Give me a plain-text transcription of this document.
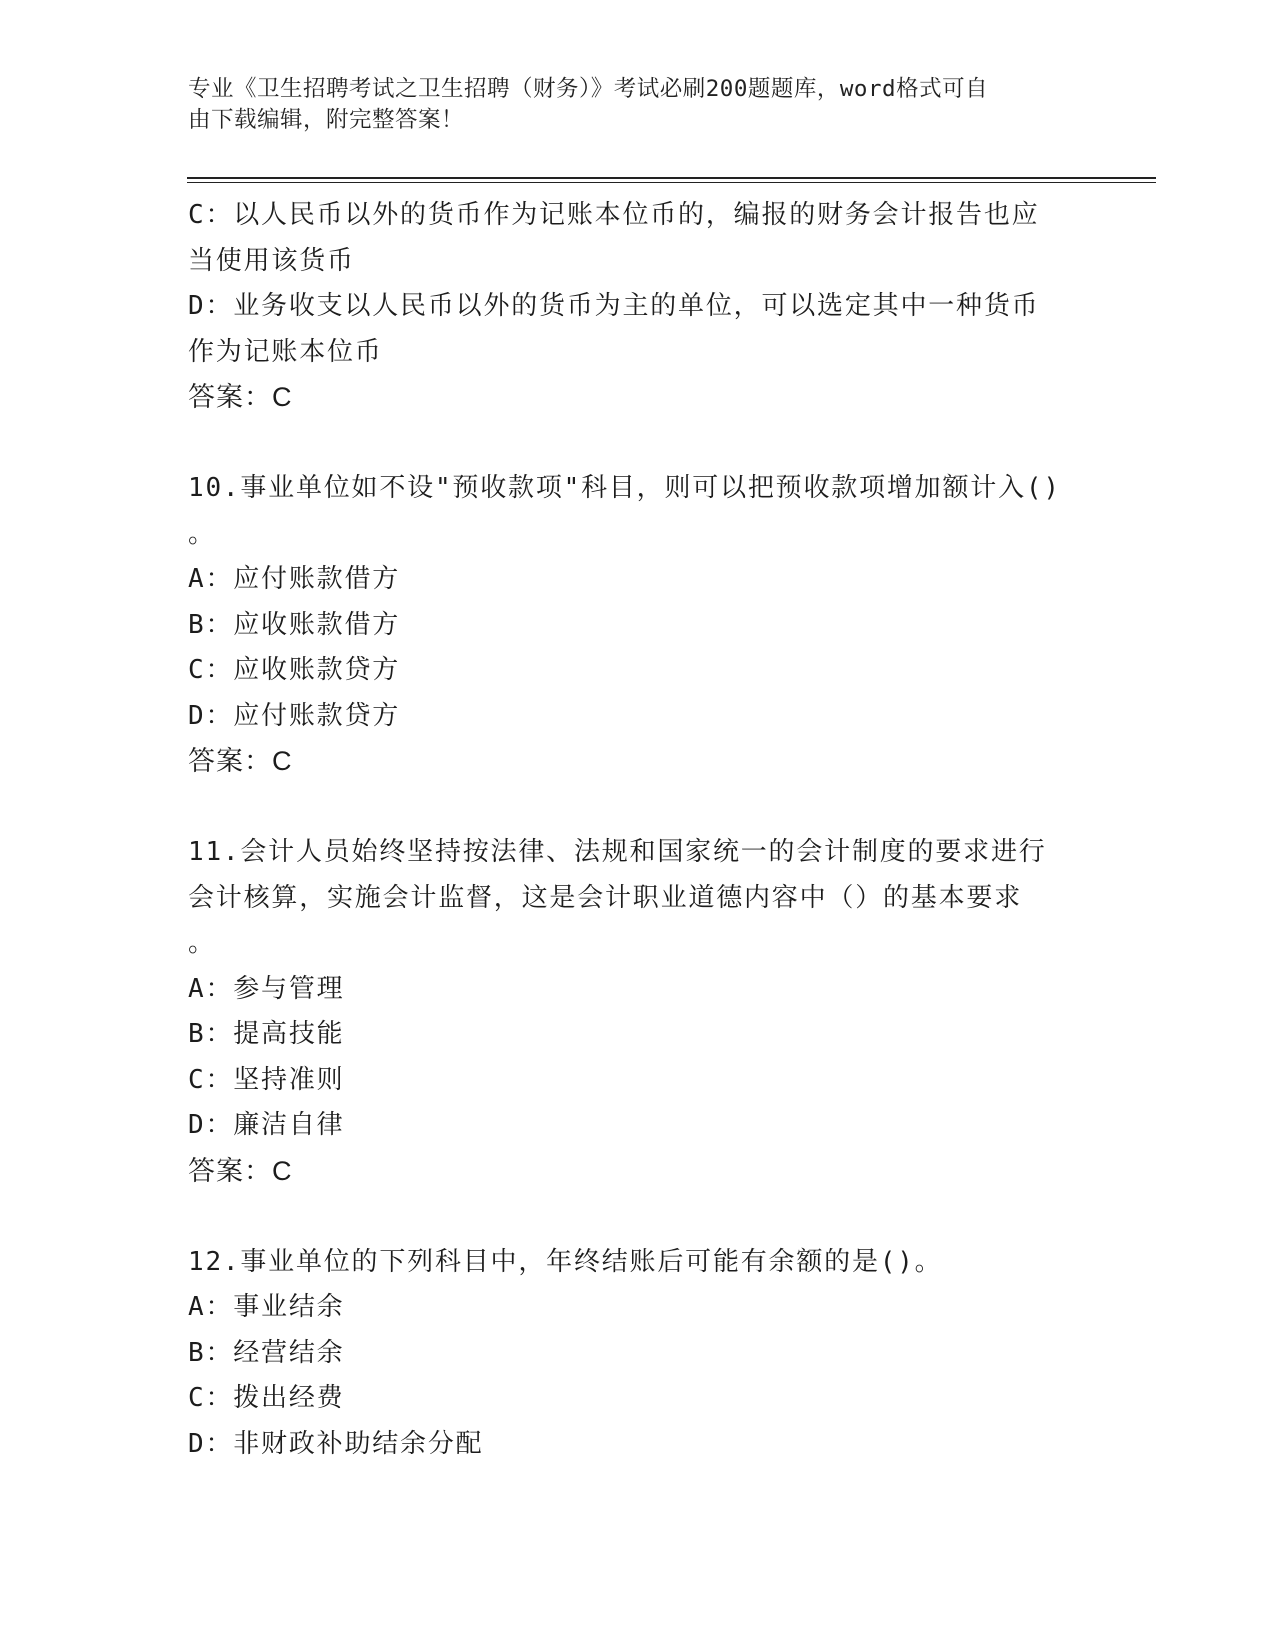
专业《卫生招聘考试之卫生招聘（财务）》考试必刷200题题库，word格式可自
由下载编辑，附完整答案！
C：以人民币以外的货币作为记账本位币的，编报的财务会计报告也应
当使用该货币
D：业务收支以人民币以外的货币为主的单位，可以选定其中一种货币
作为记账本位币
答案：C
10.事业单位如不设"预收款项"科目，则可以把预收款项增加额计入()
。
A：应付账款借方
B：应收账款借方
C：应收账款贷方
D：应付账款贷方
答案：C
11.会计人员始终坚持按法律、法规和国家统一的会计制度的要求进行
会计核算，实施会计监督，这是会计职业道德内容中（）的基本要求
。
A：参与管理
B：提高技能
C：坚持准则
D：廉洁自律
答案：C
12.事业单位的下列科目中，年终结账后可能有余额的是()。
A：事业结余
B：经营结余
C：拨出经费
D：非财政补助结余分配
